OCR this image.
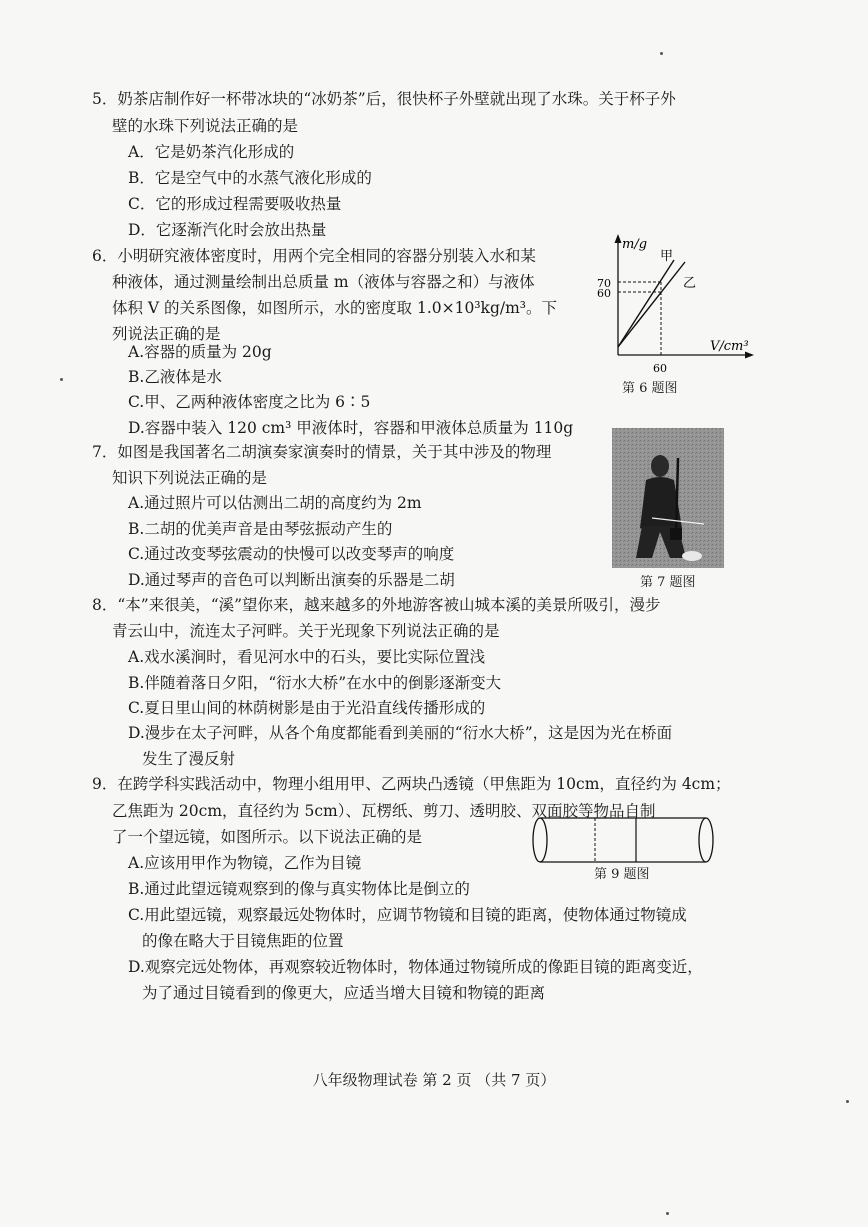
5．奶茶店制作好一杯带冰块的“冰奶茶”后，很快杯子外壁就出现了水珠。关于杯子外
壁的水珠下列说法正确的是
A．它是奶茶汽化形成的
B．它是空气中的水蒸气液化形成的
C．它的形成过程需要吸收热量
D．它逐渐汽化时会放出热量
6．小明研究液体密度时，用两个完全相同的容器分别装入水和某
种液体，通过测量绘制出总质量 m（液体与容器之和）与液体
体积 V 的关系图像，如图所示，水的密度取 1.0×10³kg/m³。下
列说法正确的是
A.容器的质量为 20g
B.乙液体是水
C.甲、乙两种液体密度之比为 6∶5
D.容器中装入 120 cm³ 甲液体时，容器和甲液体总质量为 110g
m/g
甲
乙
70
60
60
V/cm³
第 6 题图
7．如图是我国著名二胡演奏家演奏时的情景，关于其中涉及的物理
知识下列说法正确的是
A.通过照片可以估测出二胡的高度约为 2m
B.二胡的优美声音是由琴弦振动产生的
C.通过改变琴弦震动的快慢可以改变琴声的响度
D.通过琴声的音色可以判断出演奏的乐器是二胡	第 7 题图
8．“本”来很美，“溪”望你来，越来越多的外地游客被山城本溪的美景所吸引，漫步
青云山中，流连太子河畔。关于光现象下列说法正确的是
A.戏水溪涧时，看见河水中的石头，要比实际位置浅
B.伴随着落日夕阳，“衍水大桥”在水中的倒影逐渐变大
C.夏日里山间的林荫树影是由于光沿直线传播形成的
D.漫步在太子河畔，从各个角度都能看到美丽的“衍水大桥”，这是因为光在桥面
发生了漫反射
9．在跨学科实践活动中，物理小组用甲、乙两块凸透镜（甲焦距为 10cm，直径约为 4cm；
乙焦距为 20cm，直径约为 5cm）、瓦楞纸、剪刀、透明胶、双面胶等物品自制
了一个望远镜，如图所示。以下说法正确的是
A.应该用甲作为物镜，乙作为目镜
B.通过此望远镜观察到的像与真实物体比是倒立的
C.用此望远镜，观察最远处物体时，应调节物镜和目镜的距离，使物体通过物镜成
的像在略大于目镜焦距的位置
D.观察完远处物体，再观察较近物体时，物体通过物镜所成的像距目镜的距离变近，
为了通过目镜看到的像更大，应适当增大目镜和物镜的距离
第 9 题图
八年级物理试卷 第 2 页 （共 7 页）
